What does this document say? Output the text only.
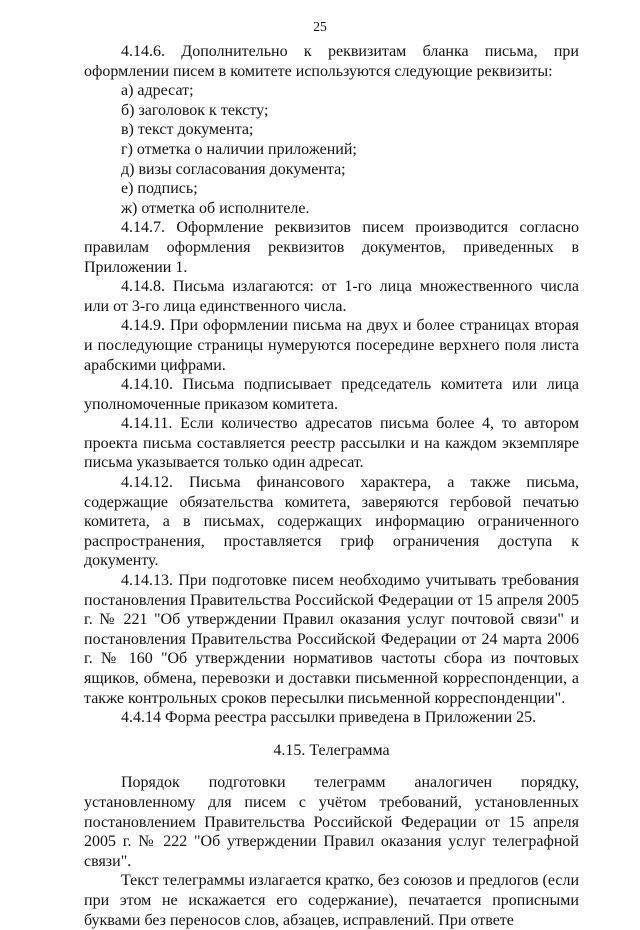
25

4.14.6. Дополнительно к реквизитам бланка письма, при оформлении писем в комитете используются следующие реквизиты:

а) адресат;

б) заголовок к тексту;

в) текст документа;

г) отметка о наличии приложений;

д) визы согласования документа;

е) подпись;

ж) отметка об исполнителе.

4.14.7. Оформление реквизитов писем производится согласно правилам оформления реквизитов документов, приведенных в Приложении 1.

4.14.8. Письма излагаются: от 1-го лица множественного числа или от 3-го лица единственного числа.

4.14.9. При оформлении письма на двух и более страницах вторая и последующие страницы нумеруются посередине верхнего поля листа арабскими цифрами.

4.14.10. Письма подписывает председатель комитета или лица уполномоченные приказом комитета.

4.14.11. Если количество адресатов письма более 4, то автором проекта письма составляется реестр рассылки и на каждом экземпляре письма указывается только один адресат.

4.14.12. Письма финансового характера, а также письма, содержащие обязательства комитета, заверяются гербовой печатью комитета, а в письмах, содержащих информацию ограниченного распространения, проставляется гриф ограничения доступа к документу.

4.14.13. При подготовке писем необходимо учитывать требования постановления Правительства Российской Федерации от 15 апреля 2005 г. № 221 "Об утверждении Правил оказания услуг почтовой связи" и постановления Правительства Российской Федерации от 24 марта 2006 г. № 160 "Об утверждении нормативов частоты сбора из почтовых ящиков, обмена, перевозки и доставки письменной корреспонденции, а также контрольных сроков пересылки письменной корреспонденции".

4.4.14 Форма реестра рассылки приведена в Приложении 25.

4.15. Телеграмма

Порядок подготовки телеграмм аналогичен порядку, установленному для писем с учётом требований, установленных постановлением Правительства Российской Федерации от 15 апреля 2005 г. № 222 "Об утверждении Правил оказания услуг телеграфной связи".

Текст телеграммы излагается кратко, без союзов и предлогов (если при этом не искажается его содержание), печатается прописными буквами без переносов слов, абзацев, исправлений. При ответе
